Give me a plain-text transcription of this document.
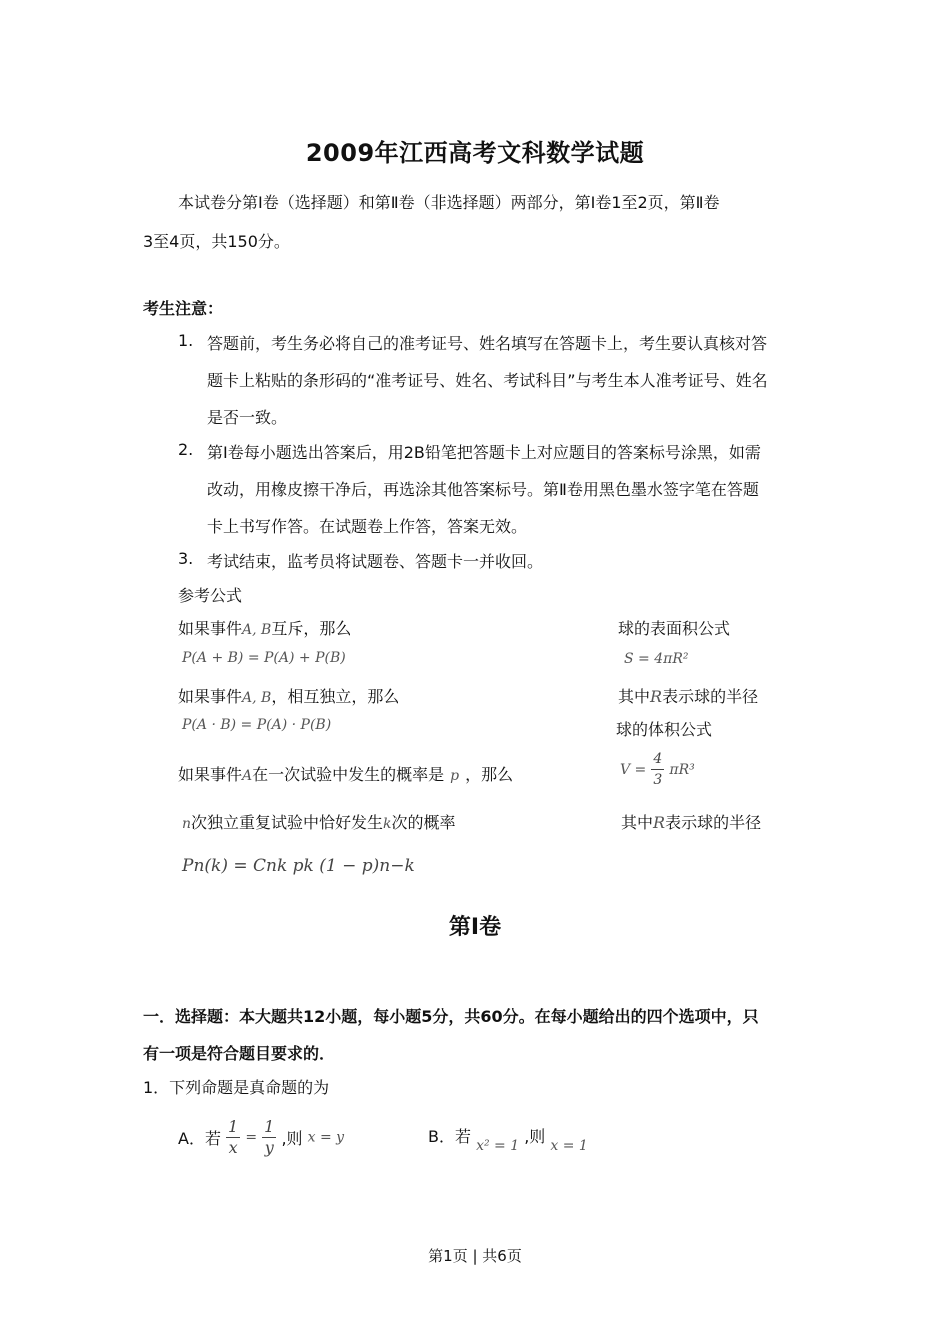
2009年江西高考文科数学试题
本试卷分第Ⅰ卷（选择题）和第Ⅱ卷（非选择题）两部分，第Ⅰ卷1至2页，第Ⅱ卷
3至4页，共150分。
考生注意：
1. 答题前，考生务必将自己的准考证号、姓名填写在答题卡上，考生要认真核对答
题卡上粘贴的条形码的“准考证号、姓名、考试科目”与考生本人准考证号、姓名
是否一致。
2. 第Ⅰ卷每小题选出答案后，用2B铅笔把答题卡上对应题目的答案标号涂黑，如需
改动，用橡皮擦干净后，再选涂其他答案标号。第Ⅱ卷用黑色墨水签字笔在答题
卡上书写作答。在试题卷上作答，答案无效。
3. 考试结束，监考员将试题卷、答题卡一并收回。
参考公式
如果事件A, B互斥，那么
P(A + B) = P(A) + P(B)
如果事件A, B，相互独立，那么
P(A · B) = P(A) · P(B)
如果事件A在一次试验中发生的概率是 p ，那么
n次独立重复试验中恰好发生k次的概率
Pn(k) = Cnk pk (1 − p)n−k
球的表面积公式
S = 4πR²
其中R表示球的半径
球的体积公式
$V = \frac{4}{3} \pi R^3$
其中R表示球的半径
第Ⅰ卷
一．选择题：本大题共12小题，每小题5分，共60分。在每小题给出的四个选项中，只
有一项是符合题目要求的．
1．下列命题是真命题的为
A．若 $\frac{1}{x} = \frac{1}{y}$ ,则 x = y	B．若 x² = 1 ,则 x = 1
第1页 | 共6页
